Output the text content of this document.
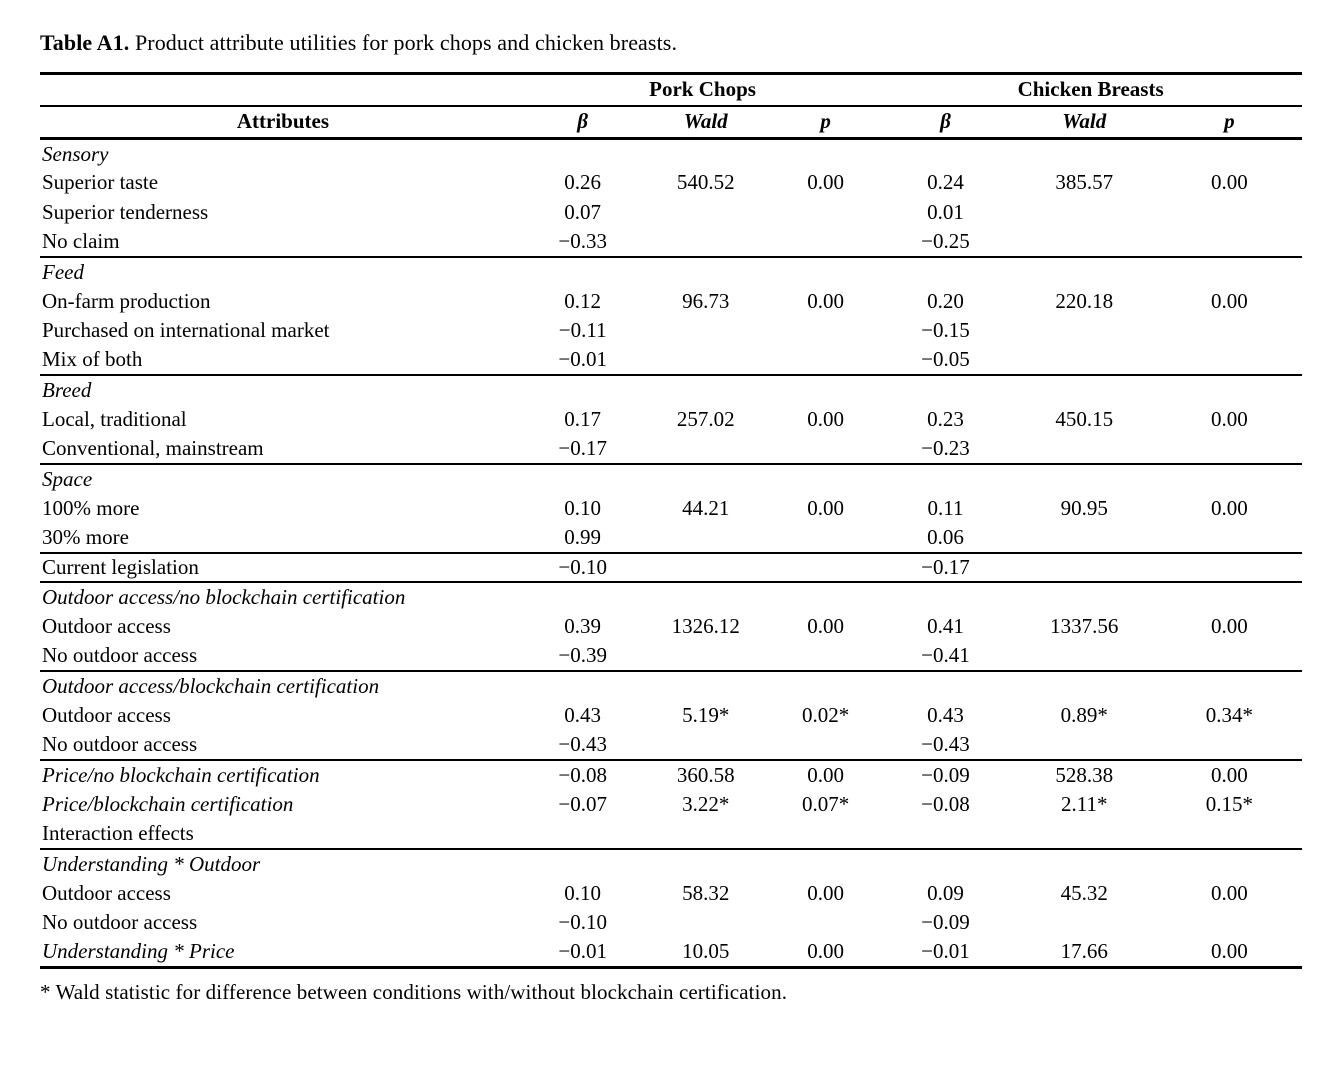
Table A1. Product attribute utilities for pork chops and chicken breasts.

	Pork Chops			Chicken Breasts		
Attributes	β	Wald	p	β	Wald	p
Sensory						
Superior taste	0.26	540.52	0.00	0.24	385.57	0.00
Superior tenderness	0.07			0.01		
No claim	−0.33			−0.25		
Feed						
On-farm production	0.12	96.73	0.00	0.20	220.18	0.00
Purchased on international market	−0.11			−0.15		
Mix of both	−0.01			−0.05		
Breed						
Local, traditional	0.17	257.02	0.00	0.23	450.15	0.00
Conventional, mainstream	−0.17			−0.23		
Space						
100% more	0.10	44.21	0.00	0.11	90.95	0.00
30% more	0.99			0.06		
Current legislation	−0.10			−0.17		
Outdoor access/no blockchain certification						
Outdoor access	0.39	1326.12	0.00	0.41	1337.56	0.00
No outdoor access	−0.39			−0.41		
Outdoor access/blockchain certification						
Outdoor access	0.43	5.19*	0.02*	0.43	0.89*	0.34*
No outdoor access	−0.43			−0.43		
Price/no blockchain certification	−0.08	360.58	0.00	−0.09	528.38	0.00
Price/blockchain certification	−0.07	3.22*	0.07*	−0.08	2.11*	0.15*
Interaction effects						
Understanding * Outdoor						
Outdoor access	0.10	58.32	0.00	0.09	45.32	0.00
No outdoor access	−0.10			−0.09		
Understanding * Price	−0.01	10.05	0.00	−0.01	17.66	0.00

* Wald statistic for difference between conditions with/without blockchain certification.
